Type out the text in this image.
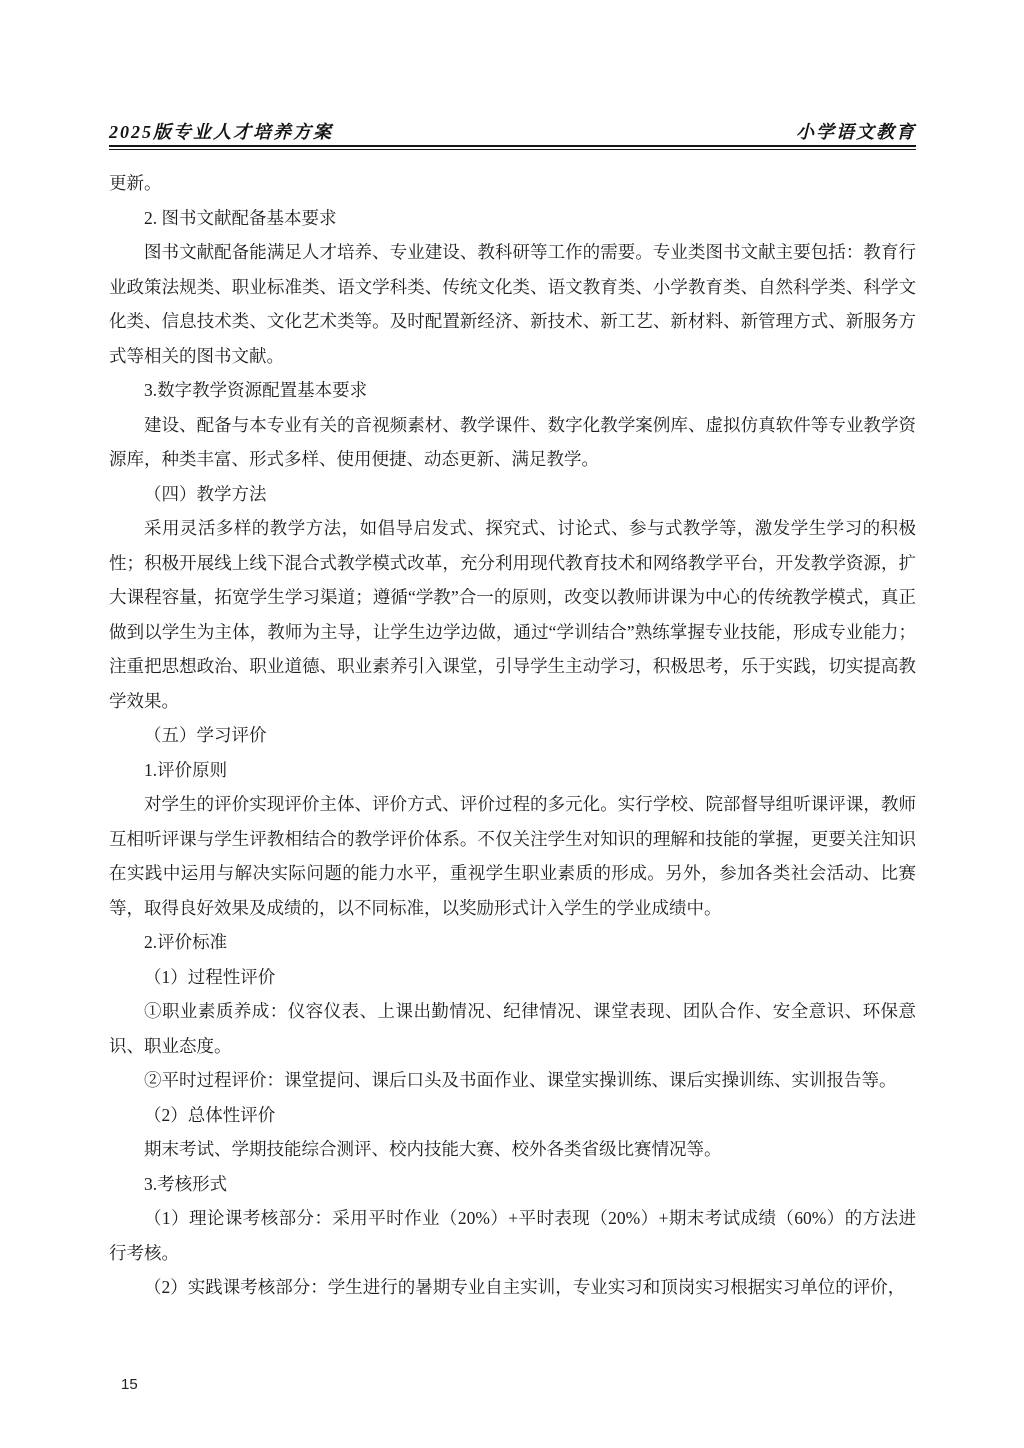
2025版专业人才培养方案	小学语文教育

更新。

2. 图书文献配备基本要求

图书文献配备能满足人才培养、专业建设、教科研等工作的需要。专业类图书文献主要包括：教育行业政策法规类、职业标准类、语文学科类、传统文化类、语文教育类、小学教育类、自然科学类、科学文化类、信息技术类、文化艺术类等。及时配置新经济、新技术、新工艺、新材料、新管理方式、新服务方式等相关的图书文献。

3.数字教学资源配置基本要求

建设、配备与本专业有关的音视频素材、教学课件、数字化教学案例库、虚拟仿真软件等专业教学资源库，种类丰富、形式多样、使用便捷、动态更新、满足教学。

（四）教学方法

采用灵活多样的教学方法，如倡导启发式、探究式、讨论式、参与式教学等，激发学生学习的积极性；积极开展线上线下混合式教学模式改革，充分利用现代教育技术和网络教学平台，开发教学资源，扩大课程容量，拓宽学生学习渠道；遵循“学教”合一的原则，改变以教师讲课为中心的传统教学模式，真正做到以学生为主体，教师为主导，让学生边学边做，通过“学训结合”熟练掌握专业技能，形成专业能力；注重把思想政治、职业道德、职业素养引入课堂，引导学生主动学习，积极思考，乐于实践，切实提高教学效果。

（五）学习评价

1.评价原则

对学生的评价实现评价主体、评价方式、评价过程的多元化。实行学校、院部督导组听课评课，教师互相听评课与学生评教相结合的教学评价体系。不仅关注学生对知识的理解和技能的掌握，更要关注知识在实践中运用与解决实际问题的能力水平，重视学生职业素质的形成。另外，参加各类社会活动、比赛等，取得良好效果及成绩的，以不同标准，以奖励形式计入学生的学业成绩中。

2.评价标准

（1）过程性评价

①职业素质养成：仪容仪表、上课出勤情况、纪律情况、课堂表现、团队合作、安全意识、环保意识、职业态度。

②平时过程评价：课堂提问、课后口头及书面作业、课堂实操训练、课后实操训练、实训报告等。

（2）总体性评价

期末考试、学期技能综合测评、校内技能大赛、校外各类省级比赛情况等。

3.考核形式

（1）理论课考核部分：采用平时作业（20%）+平时表现（20%）+期末考试成绩（60%）的方法进行考核。

（2）实践课考核部分：学生进行的暑期专业自主实训，专业实习和顶岗实习根据实习单位的评价，

15
